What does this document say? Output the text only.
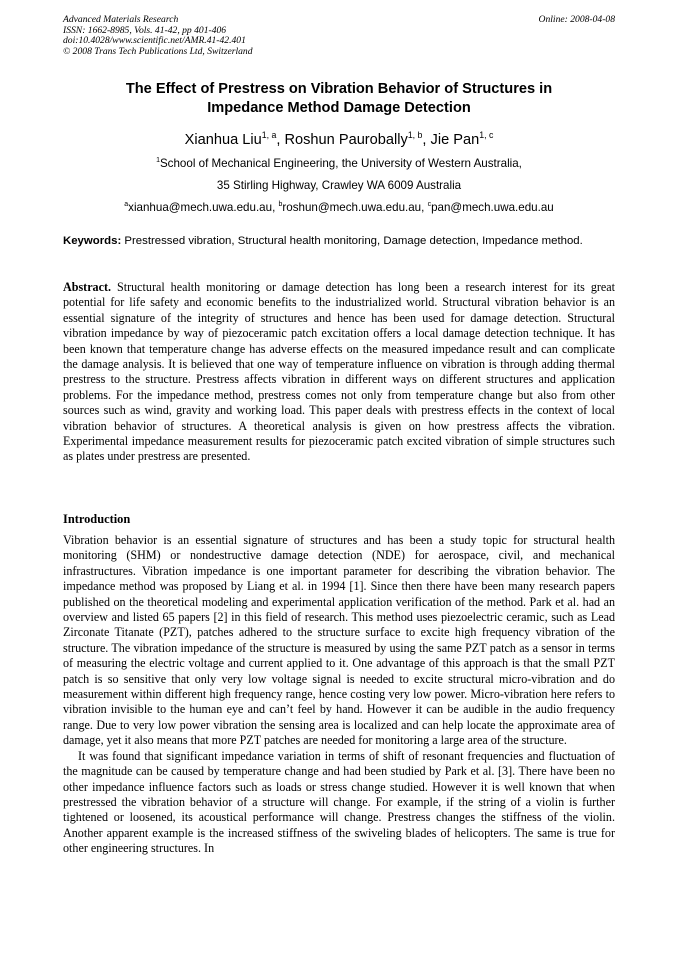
Advanced Materials Research
ISSN: 1662-8985, Vols. 41-42, pp 401-406
doi:10.4028/www.scientific.net/AMR.41-42.401
© 2008 Trans Tech Publications Ltd, Switzerland
Online: 2008-04-08
The Effect of Prestress on Vibration Behavior of Structures in
Impedance Method Damage Detection
Xianhua Liu$^{1, a}$, Roshun Paurobally$^{1, b}$, Jie Pan$^{1, c}$
$^1$School of Mechanical Engineering, the University of Western Australia,
35 Stirling Highway, Crawley WA 6009 Australia
$^a$xianhua@mech.uwa.edu.au, $^b$roshun@mech.uwa.edu.au, $^c$pan@mech.uwa.edu.au
Keywords: Prestressed vibration, Structural health monitoring, Damage detection, Impedance method.
Abstract. Structural health monitoring or damage detection has long been a research interest for its great potential for life safety and economic benefits to the industrialized world. Structural vibration behavior is an essential signature of the integrity of structures and hence has been used for damage detection. Structural vibration impedance by way of piezoceramic patch excitation offers a local damage detection technique. It has been known that temperature change has adverse effects on the measured impedance result and can complicate the damage analysis. It is believed that one way of temperature influence on vibration is through adding thermal prestress to the structure. Prestress affects vibration in different ways on different structures and application problems. For the impedance method, prestress comes not only from temperature change but also from other sources such as wind, gravity and working load. This paper deals with prestress effects in the context of local vibration behavior of structures. A theoretical analysis is given on how prestress affects the vibration. Experimental impedance measurement results for piezoceramic patch excited vibration of simple structures such as plates under prestress are presented.
Introduction

Vibration behavior is an essential signature of structures and has been a study topic for structural health monitoring (SHM) or nondestructive damage detection (NDE) for aerospace, civil, and mechanical infrastructures. Vibration impedance is one important parameter for describing the vibration behavior. The impedance method was proposed by Liang et al. in 1994 [1]. Since then there have been many research papers published on the theoretical modeling and experimental application verification of the method. Park et al. had an overview and listed 65 papers [2] in this field of research. This method uses piezoelectric ceramic, such as Lead Zirconate Titanate (PZT), patches adhered to the structure surface to excite high frequency vibration of the structure. The vibration impedance of the structure is measured by using the same PZT patch as a sensor in terms of measuring the electric voltage and current applied to it. One advantage of this approach is that the small PZT patch is so sensitive that only very low voltage signal is needed to excite structural micro-vibration and do measurement within different high frequency range, hence costing very low power. Micro-vibration here refers to vibration invisible to the human eye and can’t feel by hand. However it can be audible in the audio frequency range. Due to very low power vibration the sensing area is localized and can help locate the approximate area of damage, yet it also means that more PZT patches are needed for monitoring a large area of the structure.

It was found that significant impedance variation in terms of shift of resonant frequencies and fluctuation of the magnitude can be caused by temperature change and had been studied by Park et al. [3]. There have been no other impedance influence factors such as loads or stress change studied. However it is well known that when prestressed the vibration behavior of a structure will change. For example, if the string of a violin is further tightened or loosened, its acoustical performance will change. Prestress changes the stiffness of the violin. Another apparent example is the increased stiffness of the swiveling blades of helicopters. The same is true for other engineering structures. In
